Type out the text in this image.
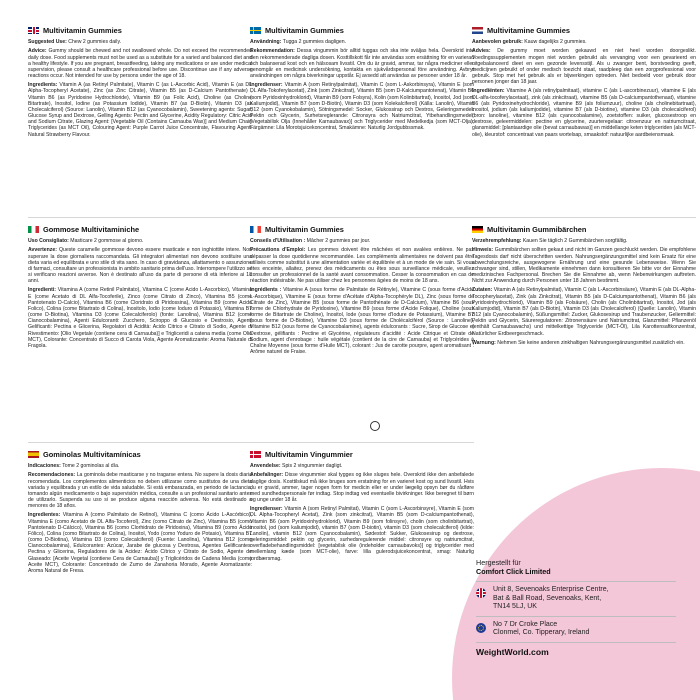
Multivitamin Gummies

Suggested Use: Chew 2 gummies daily.

Advice: Gummy should be chewed and not swallowed whole. Do not exceed the recommended daily dose. Food supplements must not be used as a substitute for a varied and balanced diet and a healthy lifestyle. If you are pregnant, breastfeeding, taking any medications or are under medical supervision, please consult a healthcare professional before use. Discontinue use if any adverse reactions occur. Not intended for use by persons under the age of 18.

Ingredients: Vitamin A (as Retinyl Palmitate), Vitamin C (as L-Ascorbic Acid), Vitamin E (as DL Alpha-Tocopheryl Acetate), Zinc (as Zinc Citrate), Vitamin B5 (as D-Calcium Pantothenate) , Vitamin B6 (as Pyridoxine Hydrochloride), Vitamin B9 (as Folic Acid), Choline (as Choline Bitartrate), Inositol, Iodine (as Potassium Iodide), Vitamin B7 (as D-Biotin), Vitamin D3 (as Cholecalciferol) (Source: Lanolin), Vitamin B12 (as Cyanocobalamin), Sweetening agents: Sugar, Glucose Syrup and Dextrose, Gelling Agents: Pectin and Glycerine, Acidity Regulatory: Citric Acid and Sodium Citrate, Glazing Agent: [Vegetable Oil (Contains Carnauba Wax)] and Medium Chain Triglycerides (as MCT Oil), Colouring Agent: Purple Carrot Juice Concentrate, Flavouring Agent: Natural Strawberry Flavour.

Gommose Multivitaminiche

Uso Consigliato: Masticare 2 gommose al giorno.

Avvertenze: Queste caramelle gommose devono essere masticate e non inghiottite intere. Non superare la dose giornaliera raccomandata. Gli integratori alimentari non devono sostituire una dieta varia ed equilibrata e uno stile di vita sano. In caso di gravidanza, allattamento o assunzione di farmaci, consultare un professionista in ambito sanitario prima dell'uso. Interrompere l'utilizzo se si verificano reazioni avverse. Non è destinato all'uso da parte di persone di età inferiore ai 18 anni.

Ingredienti: Vitamina A (come Retinil Palmitato), Vitamina C (come Acido L-Ascorbico), Vitamina E (come Acetato di DL Alfa-Tocoferile), Zinco (come Citrato di Zinco), Vitamina B5 (come Pantotenato D-Calcio), Vitamina B6 (come Cloridrato di Piridossina), Vitamina B9 (come Acido Folico), Colina (come Bitartrato di Colina), Inositolo, Iodio (come Ioduro di Potassio), Vitamina B7 (come D-Biotina), Vitamina D3 (come Colecalciferolo) (fonte: Lanolina), Vitamina B12 (come Cianocobalamina), Agenti Edulcoranti: Zucchero, Sciroppo di Glucosio e Destrosio, Agenti Gelificanti: Pectina e Glicerina, Regolatori di Acidità: Acido Citrico e Citrato di Sodio, Agente di Rivestimento: [Olio Vegetale (contiene cera di Carnauba)] e Trigliceridi a catena media (come Olio MCT), Colorante: Concentrato di Succo di Carota Viola, Agente Aromatizzante: Aroma Naturale di Fragola.

Gominolas Multivitamínicas

Indicaciones: Tome 2 gominolas al día.

Recomendaciones: La gominola debe masticarse y no tragarse entera. No supere la dosis diaria recomendada. Los complementos alimenticios no deben utilizarse como sustitutos de una dieta variada y equilibrada y un estilo de vida saludable. Si está embarazada, en periodo de lactancia, tomando algún medicamento o bajo supervisión médica, consulte a un profesional sanitario antes de utilizarlo. Suspenda su uso si se produce alguna reacción adversa. No está destinado a menores de 18 años.

Ingredientes: Vitamina A (como Palmitato de Retinol), Vitamina C (como Ácido L-Ascórbico), Vitamina E (como Acetato de DL Alfa-Tocoferol), Zinc (como Citrato de Zinc), Vitamina B5 (como Pantotenato D-Cálcico), Vitamina B6 (como Clorhidrato de Piridoxina), Vitamina B9 (como Ácido Fólico), Colina (como Bitartrato de Colina), Inositol, Yodo (como Yoduro de Potasio), Vitamina B7 (como D-Biotina), Vitamina D3 (como Colecalciferol) (Fuente: Lanolina), Vitamina B12 (como Cianocobalamina), Edulcorantes: Azúcar, Jarabe de glucosa y Dextrosa, Agentes Gelificantes: Pectina y Glicerina, Reguladores de la Acidez: Ácido Cítrico y Citrato de Sodio, Agente de Glaseado: [Aceite Vegetal (contiene Cera de Carnauba)] y Triglicéridos de Cadena Media (como Aceite MCT), Colorante: Concentrado de Zumo de Zanahoria Morado, Agente Aromatizante: Aroma Natural de Fresa.

Multivitamin Gummies

Användning: Tugga 2 gummies dagligen.

Rekommendation: Dessa vingummin bör alltid tuggas och ska inte sväljas hela. Överskrid inte den rekommenderade dagliga dosen. Kosttillskott får inte användas som ersättning för en varierad och balanserad kost och en hälsosam livsstil. Om du är gravid, ammar, tar några mediciner eller genomgår en medicinsk undersökning, kontakta en sjukvårdspersonal före användning. Avbryt användningen om några biverkningar uppstår. Ej avsedd att användas av personer under 18 år.

Ingredienser: Vitamin A (som Retinylpalmitat), Vitamin C (som L-Askorbinsyra), Vitamin E (som DL Alfa-Tokoferylacetat), Zink (som Zinkcitrat), Vitamin B5 (som D-Kalciumpantotenat), Vitamin B6 (som Pyridoxinhydroklorid), Vitamin B9 (som Folsyra), Kolin (som Kolinbitartrat), Inositol, Jod (som Kaliumjodid), Vitamin B7 (som D-Biotin), Vitamin D3 (som Kolekalciferol) (Källa: Lanolin), Vitamin B12 (som Cyanokobalamin), Sötningsmedel: Socker, Glukossirap och Dextros, Geleringsmedel: Pektin och Glycerin, Surhetsreglerande: Citronsyra och Natriumcitrat, Ytbehandlingsmedel: [Vegetabilisk Olja (Innehåller Karnaubavax)] och Triglycerider med Medelkedja (som MCT-Olja), Färgämne: Lila Morotsjuicekoncentrat, Smakämne: Naturlig Jordgubbssmak.

Multivitamin Gummies

Conseils d'Utilisation : Mâcher 2 gummies par jour.

Précautions d'Emploi: Les gommes doivent être mâchées et non avalées entières. Ne pas dépasser la dose quotidienne recommandée. Les compléments alimentaires ne doivent pas être utilisés comme substitut à une alimentation variée et équilibrée et à un mode de vie sain. Si vous êtes enceinte, allaitez, prenez des médicaments ou êtes sous surveillance médicale, veuillez consulter un professionnel de la santé avant consommation. Cesser la consommation en cas de réaction indésirable. Ne pas utiliser chez les personnes âgées de moins de 18 ans.

Ingrédients : Vitamine A (sous forme de Palmitate de Rétinyle), Vitamine C (sous forme d'Acide L-Ascorbique), Vitamine E (sous forme d'Acétate d'Alpha-Tocophéryle DL), Zinc (sous forme de Citrate de Zinc), Vitamine B5 (sous forme de Pantothénate de D-Calcium), Vitamine B6 (sous forme de Chlorhydrate de Pyridoxine), Vitamine B9 (sous forme d'Acide Folique), Choline (sous forme de Bitartrate de Choline), Inositol, Iode (sous forme d'Iodure de Potassium), Vitamine B7 (sous forme de D-Biotine), Vitamine D3 (sous forme de Cholécalciférol (Source : Lanoline), Vitamine B12 (sous forme de Cyanocobalamine), agents édulcorants : Sucre, Sirop de Glucose et Dextrose, gélifiants : Pectine et Glycérine, régulateurs d'acidité : Acide Citrique et Citrate de Sodium, agent d'enrobage : huile végétale (contient de la cire de Carnauba) et Triglycérides à Chaîne Moyenne (sous forme d'Huile MCT), colorant : Jus de carotte pourpre, agent aromatisant : Arôme naturel de Fraise.

Multivitamin Vingummier

Anvendelse: Spis 2 vingummier dagligt.

Anbefalinger: Disse vingummier skal tygges og ikke sluges hele. Overskrid ikke den anbefalede daglige dosis. Kosttilskud må ikke bruges som erstatning for en varieret kost og sund livsstil. Hvis du er gravid, ammer, tager nogen form for medicin eller er under lægelig opsyn bør du rådføre med sundhedspersonale før indtag. Stop indtag ved eventuelle bivirkninger. Ikke beregnet til børn og unge under 18 år.

Ingredienser: Vitamin A (som Retinyl Palmitat), Vitamin C (som L-Ascorbinsyre), Vitamin E (som DL Alpha-Tocopheryl Acetat), Zink (som zinkcitrat), Vitamin B5 (som D-calciumpantothenat), Vitamin B6 (som Pyridoxinhydroklorid), Vitamin B9 (som folinsyre), cholin (som cholinbitartrat), inositol, jod (som kaliumjodid), vitamin B7 (som D-biotin), vitamin D3 (som cholecalciferol) (kilde: Lanolin), vitamin B12 (som Cyanocobalamin), Sødestof: Sukker, Glukosesirup og dextrose, geleringsmiddel: pektin og glycerin, surhedsregulerende middel: citronsyre og natriumcitrat, overfladebehandlingsmiddel: [vegetabilsk olie (indeholder carnaubavoks)] og triglycerider med mellemlang kæde (som MCT-olie), farve: lilla gulerodsjuicekoncentrat, smag: Naturlig jordbærsmag.

Multivitamine Gummies

Aanbevolen gebruik: Kauw dagelijks 2 gummies.

Advies: De gummy moet worden gekauwd en niet heel worden doorgeslikt. Voedingssupplementen mogen niet worden gebruikt als vervanging voor een gevarieerd en uitgebalanceerd dieet en een gezonde levensstijl. Als u zwanger bent, borstvoeding geeft, medicijnen gebruikt of onder medisch toezicht staat, raadpleeg dan een zorgprofessional voor gebruik. Stop met het gebruik als er bijwerkingen optreden. Niet bedoeld voor gebruik door personen jonger dan 18 jaar.

Ingrediënten: Vitamine A (als retinylpalmitaat), vitamine C (als L-ascorbinezuur), vitamine E (als DL-alfa-tocoferylacetaat), zink (als zinkcitraat), vitamine B5 (als D-calciumpantothenaat), vitamine B6 (als Pyridoxinehydrochloride), vitamine B9 (als foliumzuur), choline (als cholinebitartraat), inositol, jodium (als kaliumjodide), vitamine B7 (als D-biotine), vitamine D3 (als cholecalciferol) (bron: lanoline), vitamine B12 (als cyanocobalamine), zoetstoffen: suiker, glucosestroop en dextrose, geleermiddelen: pectine en glycerine, zuurteregelaar: citroenzuur en natriumcitraat, glansmiddel: [plantaardige olie (bevat carnaubawas)] en middellange keten triglyceriden (als MCT-olie), kleurstof: concentraat van paars wortelsap, smaakstof: natuurlijke aardbeiensmaak.

Multivitamin Gummibärchen

Verzehrempfehlung: Kauen Sie täglich 2 Gummibärchen sorgfältig.

Hinweis: Gummibärchen sollten gekaut und nicht im Ganzen geschluckt werden. Die empfohlene Tagesdosis darf nicht überschritten werden. Nahrungsergänzungsmittel sind kein Ersatz für eine abwechslungsreiche, ausgewogene Ernährung und eine gesunde Lebensweise. Wenn Sie schwanger sind, stillen, Medikamente einnehmen dann konsultieren Sie bitte vor der Einnahme medizinisches Fachpersonal. Brechen Sie die Einnahme ab, wenn Nebenwirkungen auftreten. Nicht zur Anwendung durch Personen unter 18 Jahren bestimmt.

Zutaten: Vitamin A (als Retinylpalmitat), Vitamin C (als L-Ascorbinsäure), Vitamin E (als DL-Alpha-Tocopherylacetat), Zink (als Zinkcitrat), Vitamin B5 (als D-Calciumpantothenat), Vitamin B6 (als Pyridoxinhydrochlorid), Vitamin B9 (als Folsäure), Cholin (als Cholinbitartrat), Inositol, Jod (als Kaliumjodid), Vitamin B7 (als D-Biotin), Vitamin D3 (als Cholecalciferol) (Quelle: Lanolin), Vitamin B12 (als Cyanocobalamin), Süßungsmittel: Zucker, Glukosesirup und Traubenzucker, Geliermittel: Pektin und Glycerin, Säureregulatoren: Zitronensäure und Natriumcitrat, Glanzmittel: Pflanzenöl (enthält Carnaubawachs) und mittelkettige Triglyceride (MCT-Öl), Lila Karottensaftkonzentrat, Natürlicher Erdbeergeschmack.

Warnung: Nehmen Sie keine anderen zinkhaltigen Nahrungsergänzungsmittel zusätzlich ein.

Hergestellt für
Comfort Click Limited
Unit 8, Sevenoaks Enterprise Centre,
Bat & Ball Road, Sevenoaks, Kent,
TN14 5LJ, UK
No 7 Dr Croke Place
Clonmel, Co. Tipperary, Ireland
WeightWorld.com
